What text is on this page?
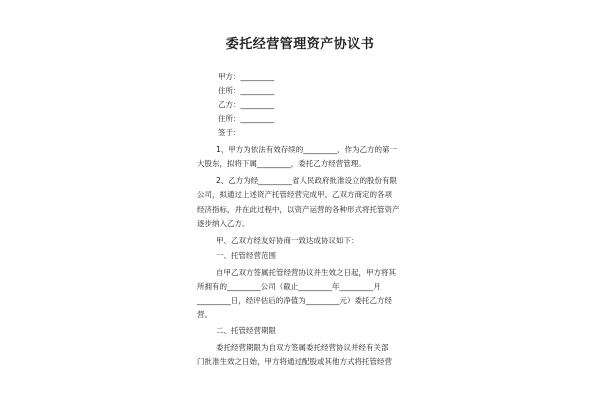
委托经营管理资产协议书
甲方：_________
住所：_________
乙方：_________
住所：_________
签于：
1、甲方为依法有效存续的_________，作为乙方的第一
大股东，拟将下属_________，委托乙方经营管理。
2、乙方为经_________省人民政府批准设立的股份有限
公司，拟通过上述资产托管经营完成甲、乙双方商定的各项
经济指标，并在此过程中，以资产运营的各种形式将托管资产
逐步纳入乙方。
甲、乙双方经友好协商一致达成协议如下：
一、托管经营范围
自甲乙双方签属托管经营协议并生效之日起，甲方将其
所拥有的_________公司（截止_________年_________月
_________日，经评估后的净值为_________元）委托乙方经
营。
二、托管经营期限
委托经营期限为自双方签属委托经营协议并经有关部
门批准生效之日始，甲方将通过配股或其他方式将托管经营
